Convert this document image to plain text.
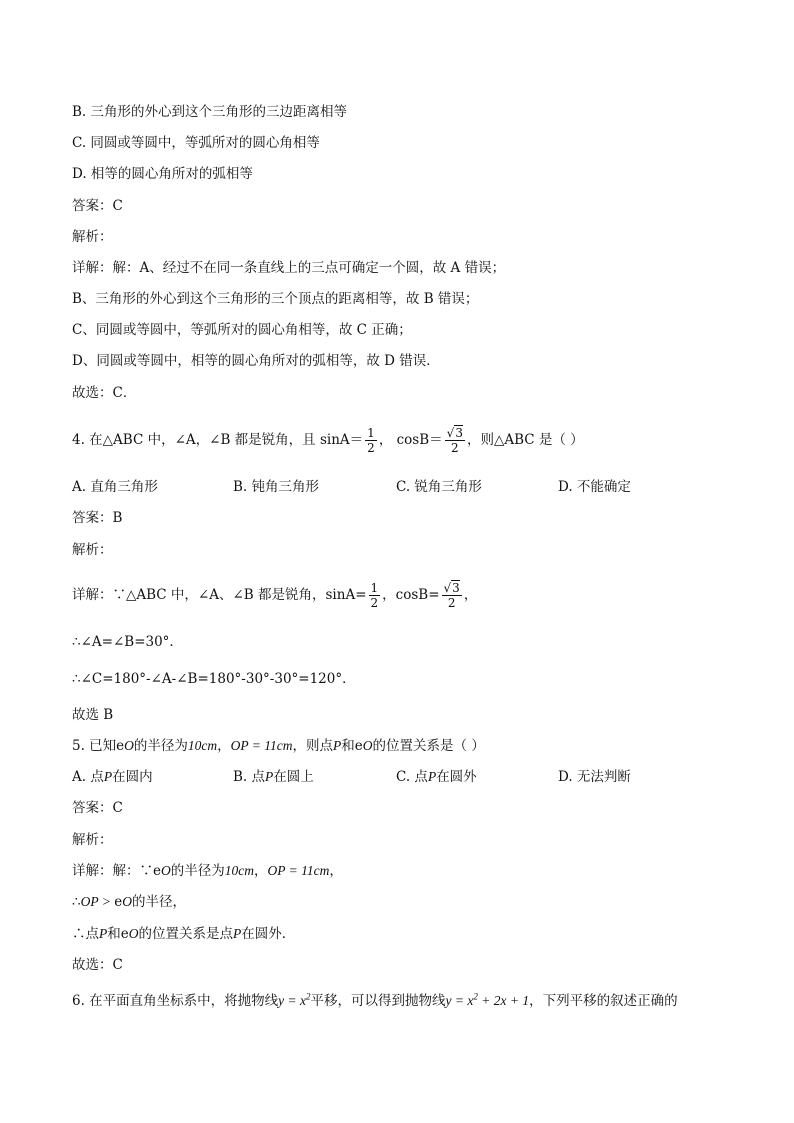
B. 三角形的外心到这个三角形的三边距离相等
C. 同圆或等圆中，等弧所对的圆心角相等
D. 相等的圆心角所对的弧相等
答案：C
解析：
详解：解：A、经过不在同一条直线上的三点可确定一个圆，故 A 错误；
B、三角形的外心到这个三角形的三个顶点的距离相等，故 B 错误；
C、同圆或等圆中，等弧所对的圆心角相等，故 C 正确；
D、同圆或等圆中，相等的圆心角所对的弧相等，故 D 错误．
故选：C．
4. 在△ABC 中，∠A，∠B 都是锐角，且 $\sin A= \frac{1}{2}$ ， $\cos B= \frac{√3}{2}$ ，则△ABC 是（ ）
A. 直角三角形	B. 钝角三角形	C. 锐角三角形	D. 不能确定
答案：B
解析：
详解：∵△ABC 中，∠A、∠B 都是锐角，$\sin A= \frac{1}{2}$ ，$\cos B= \frac{√3}{2}$ ，
∴∠A=∠B=30°．
∴∠C=180°-∠A-∠B=180°-30°-30°=120°．
故选 B
5. 已知eO的半径为10cm，OP = 11cm，则点P和eO的位置关系是（ ）
A. 点P在圆内	B. 点P在圆上	C. 点P在圆外	D. 无法判断
答案：C
解析：
详解：解：∵eO的半径为10cm，OP = 11cm，
∴OP > eO的半径，
∴点P和eO的位置关系是点P在圆外．
故选：C
6. 在平面直角坐标系中，将抛物线$y = x^2$平移，可以得到抛物线$y = x^2 + 2x + 1$，下列平移的叙述正确的
